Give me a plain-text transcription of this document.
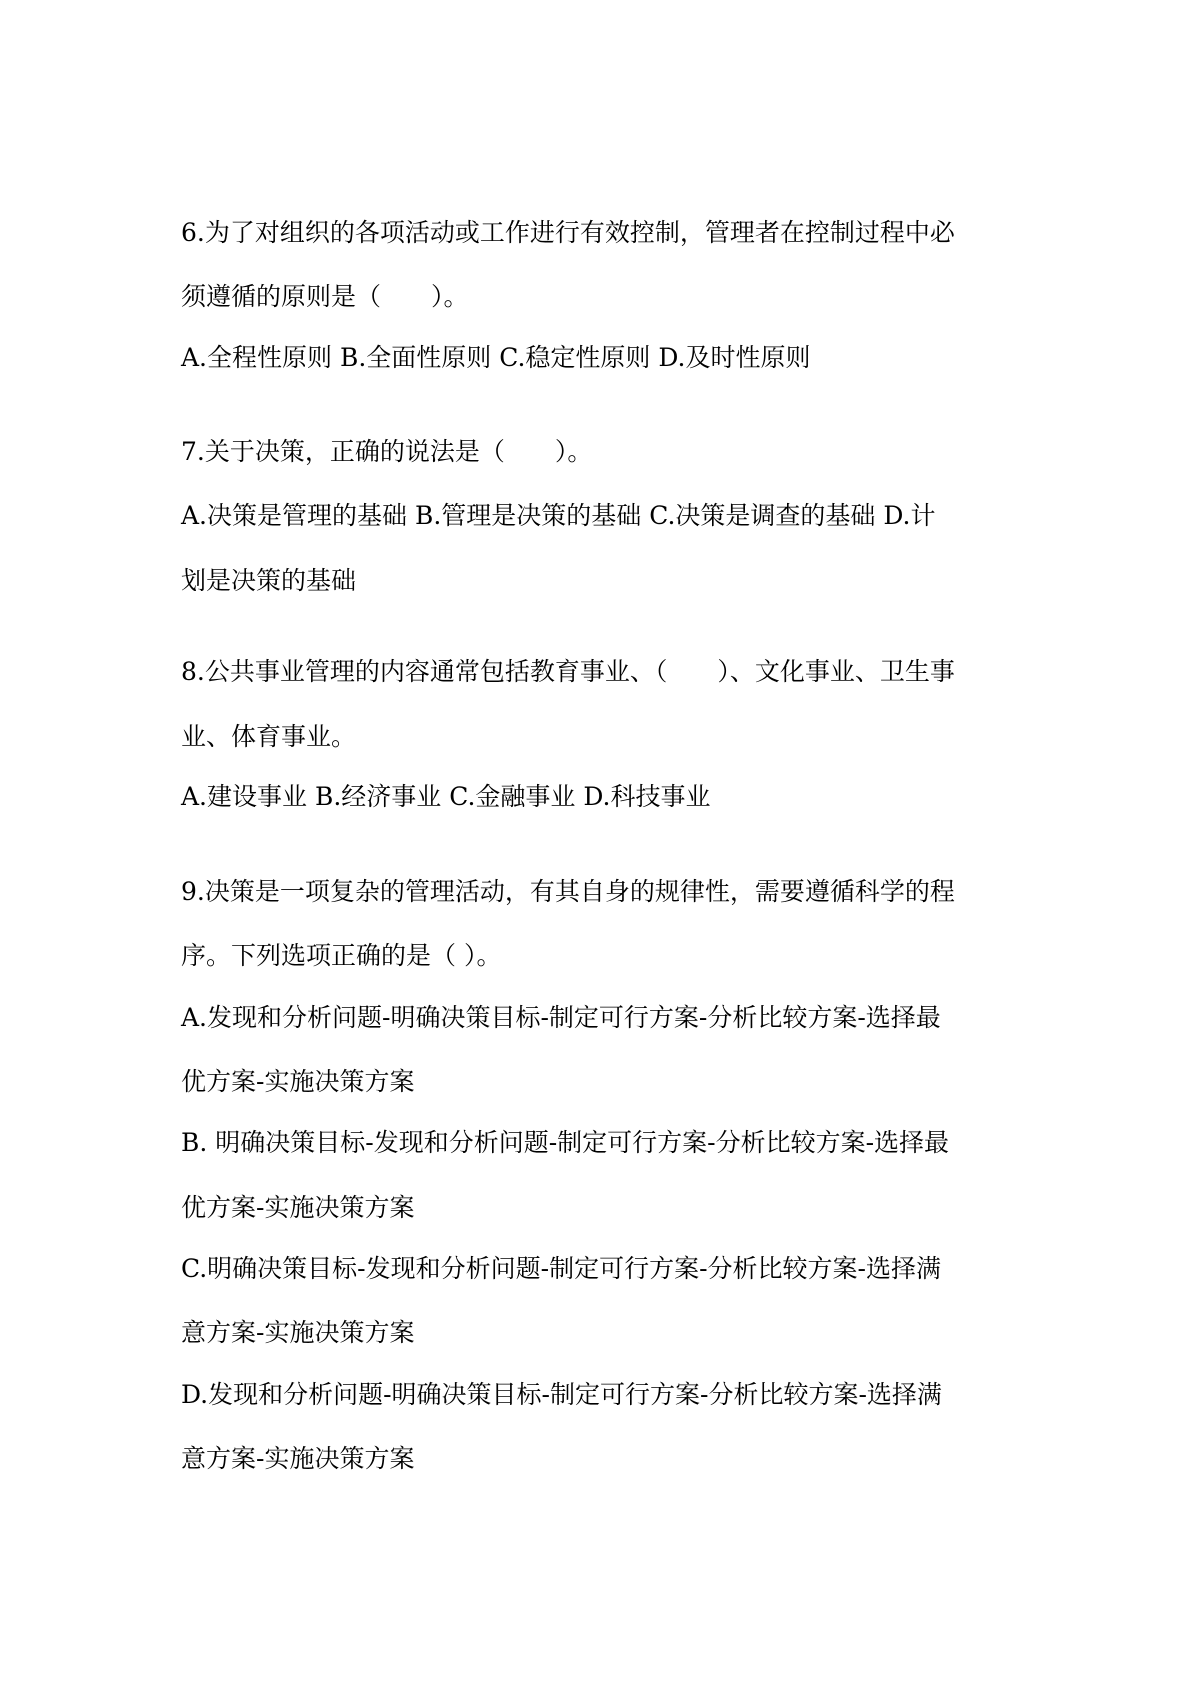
6.为了对组织的各项活动或工作进行有效控制，管理者在控制过程中必
须遵循的原则是（　　）。
A.全程性原则 B.全面性原则 C.稳定性原则 D.及时性原则
7.关于决策，正确的说法是（　　）。
A.决策是管理的基础 B.管理是决策的基础 C.决策是调查的基础 D.计
划是决策的基础
8.公共事业管理的内容通常包括教育事业、（　　）、文化事业、卫生事
业、体育事业。
A.建设事业 B.经济事业 C.金融事业 D.科技事业
9.决策是一项复杂的管理活动，有其自身的规律性，需要遵循科学的程
序。下列选项正确的是（ ）。
A.发现和分析问题-明确决策目标-制定可行方案-分析比较方案-选择最
优方案-实施决策方案
B. 明确决策目标-发现和分析问题-制定可行方案-分析比较方案-选择最
优方案-实施决策方案
C.明确决策目标-发现和分析问题-制定可行方案-分析比较方案-选择满
意方案-实施决策方案
D.发现和分析问题-明确决策目标-制定可行方案-分析比较方案-选择满
意方案-实施决策方案
